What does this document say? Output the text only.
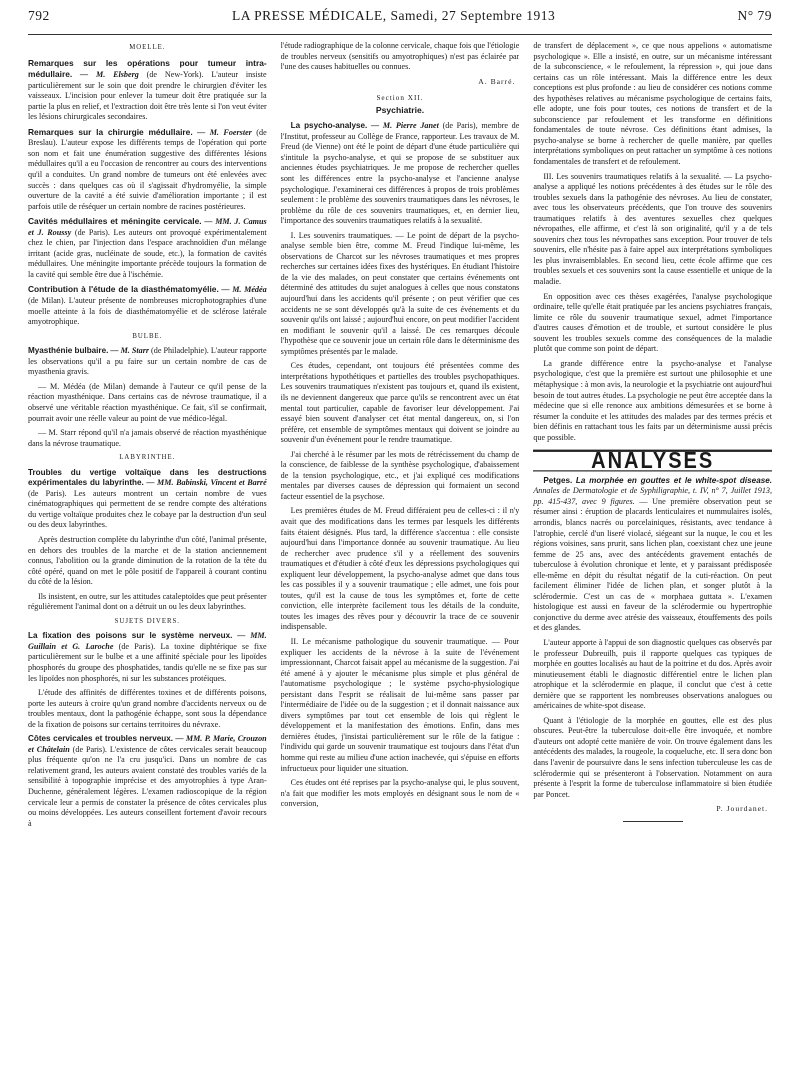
792	LA PRESSE MÉDICALE, Samedi, 27 Septembre 1913	N° 79
MOELLE.

Remarques sur les opérations pour tumeur intra-médullaire. — M. Elsberg (de New-York). L'auteur insiste particulièrement sur le soin que doit prendre le chirurgien d'éviter les vaisseaux. L'incision pour enlever la tumeur doit être pratiquée sur la partie la plus en relief, et l'extraction doit être très lente si l'on veut éviter les lésions chirurgicales secondaires.

Remarques sur la chirurgie médullaire. — M. Foerster (de Breslau). L'auteur expose les différents temps de l'opération qui porte son nom et fait une énumération suggestive des différentes lésions médullaires qu'il a eu l'occasion de rencontrer au cours des interventions qu'il a conduites. Un grand nombre de tumeurs ont été enlevées avec succès : dans quelques cas où il s'agissait d'hydromyélie, la simple ouverture de la cavité a été suivie d'amélioration importante ; il est parfois utile de réséquer un certain nombre de racines postérieures.

Cavités médullaires et méningite cervicale. — MM. J. Camus et J. Roussy (de Paris). Les auteurs ont provoqué expérimentalement chez le chien, par l'injection dans l'espace arachnoïdien d'un mélange irritant (acide gras, nucléinate de soude, etc.), la formation de cavités médullaires. Une méningite importante précède toujours la formation de la cavité qui semble être due à l'ischémie.

Contribution à l'étude de la diasthématomyélie. — M. Médéa (de Milan). L'auteur présente de nombreuses microphotographies d'une moelle atteinte à la fois de diasthématomyélie et de sclérose latérale amyotrophique.

BULBE.

Myasthénie bulbaire. — M. Starr (de Philadelphie). L'auteur rapporte les observations qu'il a pu faire sur un certain nombre de cas de myasthenia gravis.

— M. Médéa (de Milan) demande à l'auteur ce qu'il pense de la réaction myasthénique. Dans certains cas de névrose traumatique, il a observé une véritable réaction myasthénique. Ce fait, s'il se confirmait, pourrait avoir une réelle valeur au point de vue médico-légal.

— M. Starr répond qu'il n'a jamais observé de réaction myasthénique dans la névrose traumatique.

LABYRINTHE.

Troubles du vertige voltaïque dans les destructions expérimentales du labyrinthe. — MM. Babinski, Vincent et Barré (de Paris). Les auteurs montrent un certain nombre de vues cinématographiques qui permettent de se rendre compte des altérations du vertige voltaïque produites chez le cobaye par la destruction d'un seul ou des deux labyrinthes.

Après destruction complète du labyrinthe d'un côté, l'animal présente, en dehors des troubles de la marche et de la station anciennement connus, l'abolition ou la grande diminution de la rotation de la tête du côté opéré, quand on met le pôle positif de l'appareil à courant continu du côté de la lésion.

Ils insistent, en outre, sur les attitudes cataleptoïdes que peut présenter régulièrement l'animal dont on a détruit un ou les deux labyrinthes.

SUJETS DIVERS.

La fixation des poisons sur le système nerveux. — MM. Guillain et G. Laroche (de Paris). La toxine diphtérique se fixe particulièrement sur le bulbe et a une affinité spéciale pour les lipoïdes phosphorés du groupe des phosphatides, tandis qu'elle ne se fixe pas sur les lipoïdes non phosphorés, ni sur les substances protéiques.

L'étude des affinités de différentes toxines et de différents poisons, porte les auteurs à croire qu'un grand nombre d'accidents nerveux ou de troubles mentaux, dont la pathogénie échappe, sont sous la dépendance de la fixation de poisons sur certains territoires du névraxe.

Côtes cervicales et troubles nerveux. — MM. P. Marie, Crouzon et Châtelain (de Paris). L'existence de côtes cervicales serait beaucoup plus fréquente qu'on ne l'a cru jusqu'ici. Dans un nombre de cas relativement grand, les auteurs avaient constaté des troubles variés de la sensibilité à topographie imprécise et des amyotrophies à type Aran-Duchenne, généralement légères. L'examen radioscopique de la région cervicale leur a permis de constater la présence de côtes cervicales plus ou moins développées. Les auteurs conseillent fortement d'avoir recours à

l'étude radiographique de la colonne cervicale, chaque fois que l'étiologie de troubles nerveux (sensitifs ou amyotrophiques) n'est pas éclairée par l'une des causes habituelles ou connues.

A. Barré.
Section XII.
Psychiatrie.

La psycho-analyse. — M. Pierre Janet (de Paris), membre de l'Institut, professeur au Collège de France, rapporteur. Les travaux de M. Freud (de Vienne) ont été le point de départ d'une étude particulière qui s'intitule la psycho-analyse, et qui se propose de se substituer aux anciennes études psychiatriques. Je me propose de rechercher quelles sont les différences entre la psycho-analyse et l'ancienne analyse psychologique. J'examinerai ces différences à propos de trois problèmes seulement : le problème des souvenirs traumatiques dans les névroses, le problème du rôle de ces souvenirs traumatiques, et, en dernier lieu, l'importance des souvenirs traumatiques relatifs à la sexualité.

I. Les souvenirs traumatiques. — Le point de départ de la psycho-analyse semble bien être, comme M. Freud l'indique lui-même, les observations de Charcot sur les névroses traumatiques et mes propres recherches sur certaines idées fixes des hystériques. En étudiant l'histoire de la vie des malades, on peut constater que certains événements ont déterminé des attitudes du sujet analogues à celles que nous constatons aujourd'hui dans les accidents qu'il présente ; on peut vérifier que ces accidents ne se sont développés qu'à la suite de ces événements et du souvenir qu'ils ont laissé ; aujourd'hui encore, on peut modifier l'accident en modifiant le souvenir qu'il a laissé. De ces remarques découle l'hypothèse que ce souvenir joue un certain rôle dans le déterminisme des symptômes présentés par le malade.

Ces études, cependant, ont toujours été présentées comme des interprétations hypothétiques et partielles des troubles psychopathiques. Les souvenirs traumatiques n'existent pas toujours et, quand ils existent, ils ne deviennent dangereux que parce qu'ils se rencontrent avec un état mental tout particulier, capable de favoriser leur développement. J'ai essayé bien souvent d'analyser cet état mental dangereux, on, si l'on préfère, cet ensemble de symptômes mentaux qui doivent se joindre au souvenir d'un événement pour le rendre traumatique.

J'ai cherché à le résumer par les mots de rétrécissement du champ de la conscience, de faiblesse de la synthèse psychologique, d'abaissement de la tension psychologique, etc., et j'ai expliqué ces modifications mentales par diverses causes de dépression qui formaient un second facteur essentiel de la psychose.

Les premières études de M. Freud différaient peu de celles-ci : il n'y avait que des modifications dans les termes par lesquels les différents faits étaient désignés. Plus tard, la différence s'accentua : elle consiste aujourd'hui dans l'importance donnée au souvenir traumatique. Au lieu de rechercher avec prudence s'il y a réellement des souvenirs traumatiques et d'étudier à côté d'eux les dépressions psychologiques qui expliquent leur développement, la psycho-analyse admet que dans tous les cas possibles il y a souvenir traumatique ; elle admet, une fois pour toutes, qu'il est la cause de tous les symptômes et, forte de cette conviction, elle interprète facilement tous les détails de la conduite, toutes les images des rêves pour y découvrir la trace de ce souvenir indispensable.

II. Le mécanisme pathologique du souvenir traumatique. — Pour expliquer les accidents de la névrose à la suite de l'événement impressionnant, Charcot faisait appel au mécanisme de la suggestion. J'ai été amené à y ajouter le mécanisme plus simple et plus général de l'automatisme psychologique ; le système psycho-physiologique persistant dans l'esprit se réalisait de lui-même sans passer par l'intermédiaire de l'idée ou de la suggestion ; et il donnait naissance aux divers symptômes par tout cet ensemble de lois qui règlent le développement et la manifestation des émotions. Enfin, dans mes dernières études, j'insistai particulièrement sur le rôle de la fatigue : l'individu qui garde un souvenir traumatique est toujours dans l'état d'un homme qui reste au milieu d'une action inachevée, qui s'épuise en efforts infructueux pour liquider une situation.

Ces études ont été reprises par la psycho-analyse qui, le plus souvent, n'a fait que modifier les mots employés en désignant sous le nom de « conversion,

de transfert de déplacement », ce que nous appelions « automatisme psychologique ». Elle a insisté, en outre, sur un mécanisme intéressant de la subconscience, « le refoulement, la répression », qui joue dans certains cas un rôle intéressant. Mais la différence entre les deux conceptions est plus profonde : au lieu de considérer ces notions comme des hypothèses relatives au mécanisme psychologique de certains faits, elle adopte, une fois pour toutes, ces notions de transfert et de la subconscience par refoulement et les transforme en définitions fondamentales de toute névrose. Ces définitions étant admises, la psycho-analyse se borne à rechercher de quelle manière, par quelles interprétations symboliques on peut rattacher un symptôme à ces notions fondamentales de transfert et de refoulement.

III. Les souvenirs traumatiques relatifs à la sexualité. — La psycho-analyse a appliqué les notions précédentes à des études sur le rôle des troubles sexuels dans la pathogénie des névroses. Au lieu de constater, avec tous les observateurs précédents, que l'on trouve des souvenirs traumatiques relatifs à des aventures sexuelles chez quelques névropathes, elle affirme, et c'est là son originalité, qu'il y a de tels souvenirs chez tous les névropathes sans exception. Pour trouver de tels souvenirs, elle n'hésite pas à faire appel aux interprétations symboliques les plus invraisemblables. En second lieu, cette école affirme que ces troubles sexuels et ces souvenirs sont la cause essentielle et unique de la maladie.

En opposition avec ces thèses exagérées, l'analyse psychologique ordinaire, telle qu'elle était pratiquée par les anciens psychiatres français, limite ce rôle du souvenir traumatique sexuel, admet l'importance d'autres causes d'émotion et de trouble, et surtout considère le plus souvent les troubles sexuels comme des conséquences de la maladie plutôt que comme son point de départ.

La grande différence entre la psycho-analyse et l'analyse psychologique, c'est que la première est surtout une philosophie et une métaphysique : à mon avis, la neurologie et la psychiatrie ont aujourd'hui besoin de tout autres études. La psychologie ne peut être acceptée dans la médecine que si elle renonce aux ambitions démesurées et se borne à résumer la conduite et les attitudes des malades par des termes précis et bien définis en rattachant tous les faits par un déterminisme aussi précis que possible.

ANALYSES

Petges. La morphée en gouttes et le white-spot disease. Annales de Dermatologie et de Syphiligraphie, t. IV, n° 7, Juillet 1913, pp. 415-437, avec 9 figures. — Une première observation peut se résumer ainsi : éruption de placards lenticulaires et nummulaires isolés, arrondis, blancs nacrés ou porcelainiques, résistants, avec tendance à l'atrophie, cerclé d'un liseré violacé, siégeant sur la nuque, le cou et les régions voisines, sans prurit, sans lichen plan, coexistant chez une jeune femme de 25 ans, avec des antécédents gravement entachés de tuberculose à évolution chronique et lente, et y paraissant prédisposée elle-même en dépit du résultat négatif de la cuti-réaction. On peut facilement éliminer l'idée de lichen plan, et songer plutôt à la sclérodermie. C'est un cas de « morphaea guttata ». L'examen histologique est aussi en faveur de la sclérodermie ou hypertrophie conjonctive du derme avec atrésie des vaisseaux, étouffements des poils et des glandes.

L'auteur apporte à l'appui de son diagnostic quelques cas observés par le professeur Dubreuilh, puis il rapporte quelques cas typiques de morphée en gouttes localisés au haut de la poitrine et du dos. Après avoir minutieusement établi le diagnostic différentiel entre le lichen plan atrophique et la sclérodermie en plaque, il conclut que c'est à cette dernière que se rapportent les nombreuses observations analogues ou américaines de white-spot disease.

Quant à l'étiologie de la morphée en gouttes, elle est des plus obscures. Peut-être la tuberculose doit-elle être invoquée, et nombre d'auteurs ont adopté cette manière de voir. On trouve également dans les antécédents des malades, la rougeole, la coqueluche, etc. Il sera donc bon dans l'avenir de poursuivre dans le sens infection tuberculeuse les cas de sclérodermie qui se présenteront à l'observation. Notamment on aura présente à l'esprit la forme de tuberculose inflammatoire si bien étudiée par Poncet.

P. Jourdanet.
